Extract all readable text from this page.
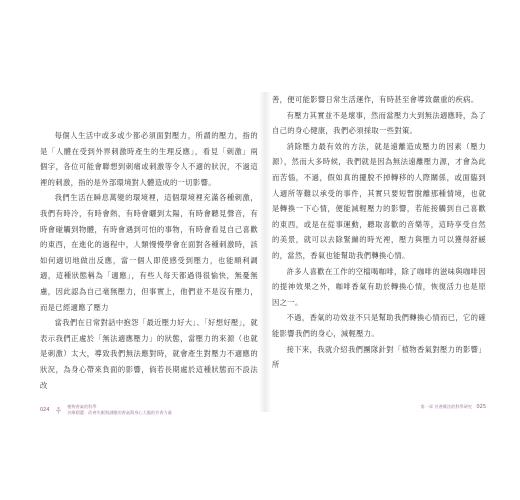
每個人生活中或多或少都必須面對壓力，所謂的壓力，指的是「人體在受到外界刺激時產生的生理反應」，看見「刺激」兩個字，各位可能會聯想到刺痛或刺激等令人不適的狀況，不過這裡的刺激，指的是外部環境對人體造成的一切影響。

我們生活在瞬息萬變的環境裡，這個環境裡充滿各種刺激，我們有時冷，有時會熱，有時會曬到太陽，有時會聽見聲音，有時會碰觸到物體，有時會遇到可怕的事物，有時會看見自己喜歡的東西，在進化的過程中，人類慢慢學會在面對各種刺激時，該如何適切地做出反應，當一個人即使感受到壓力，也能順利調適，這種狀態稱為「適應」，有些人每天都過得很愉快，無憂無慮，因此認為自己毫無壓力，但事實上，他們並不是沒有壓力，而是已經適應了壓力

當我們在日常對話中抱怨「最近壓力好大」、「好想好壓」，就表示我們正處於「無法適應壓力」的狀態，當壓力的來源（也就是刺激）太大，導致我們無法應對時，就會產生對壓力不適應的狀況，為身心帶來負面的影響，倘若長期處於這種狀態而不設法改

善，便可能影響日常生活運作，有時甚至會導致嚴重的疾病。

有壓力其實並不是壞事，然而當壓力大到無法適應時，為了自己的身心健康，我們必須採取一些對策。

消除壓力最有效的方法，就是遠離造成壓力的因素（壓力源），然而大多時候，我們就是因為無法遠離壓力源，才會為此而苦惱，不過，假如真的擺脫不掉轉移的人際關係，或面臨到人適所等難以承受的事件，其實只要短暫脫離那種情境，也就是轉換一下心情，便能減輕壓力的影響，若能接觸到自己喜歡的東西，或是在從事運動，聽取喜歡的音樂等，這時享受自然的美景，就可以去除緊繃的時光裡，壓力與壓力可以獲得舒緩的，當然，香氣也能幫助我們轉換心情。

許多人喜歡在工作的空檔喝咖啡，除了咖啡的滋味與咖啡因的提神效果之外，咖啡香氣有助於轉換心情，恢復活力也是原因之一。

不過，香氣的功效並不只是幫助我們轉換心情而已，它的確能影響我們的身心，減輕壓力。

接下來，我就介紹我們團隊針對「植物香氣對壓力的影響」所

024
植物香氣的科學
芳療精選：改善失眠與減壓的香氣與身心大腦的芳香力量
第一章 芳香療法的科學研究 025
